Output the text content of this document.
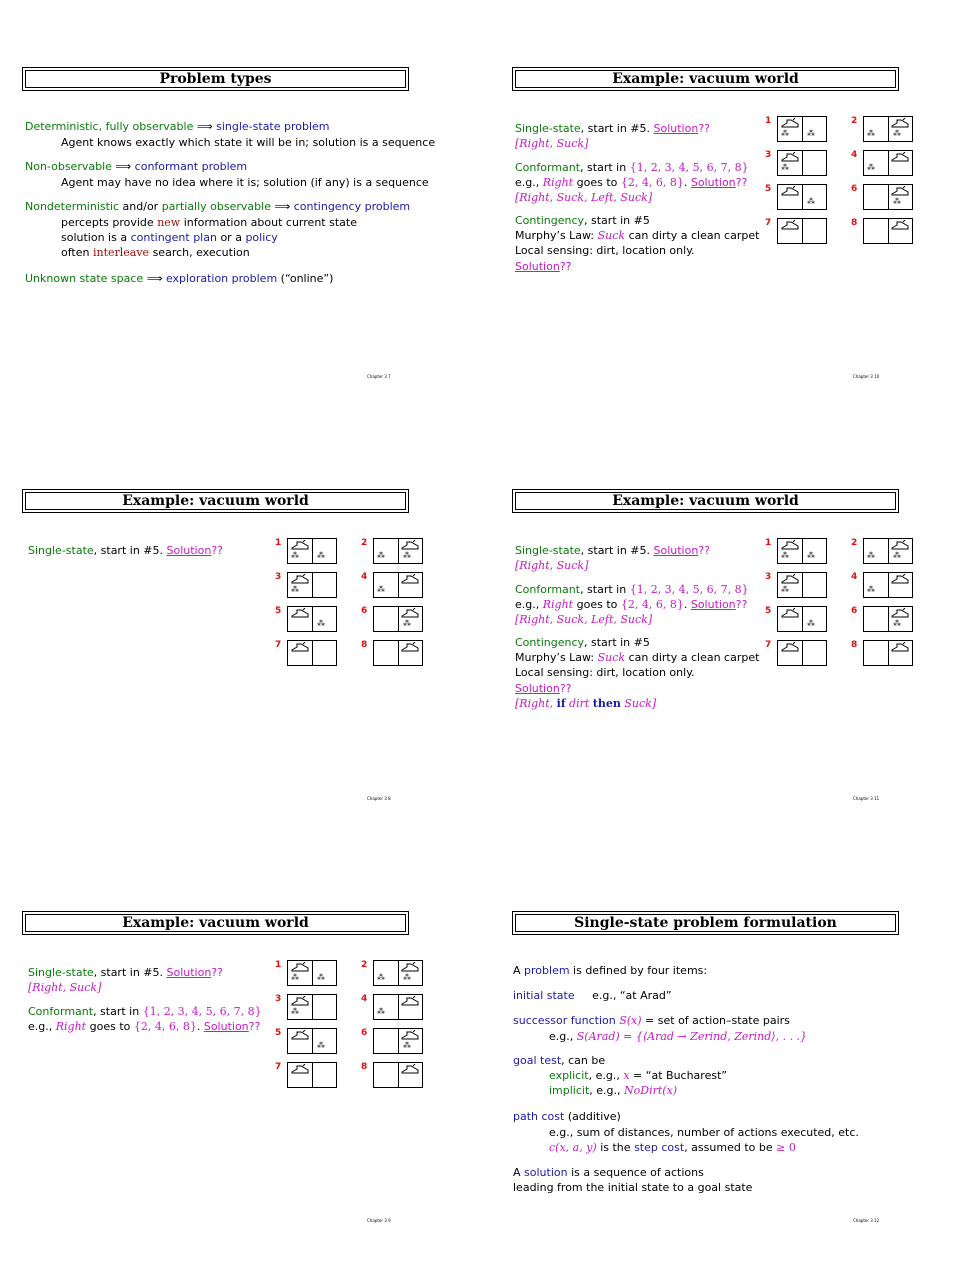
Problem types
Deterministic, fully observable ⟹ single-state problem
Agent knows exactly which state it will be in; solution is a sequence
Non-observable ⟹ conformant problem
Agent may have no idea where it is; solution (if any) is a sequence
Nondeterministic and/or partially observable ⟹ contingency problem
percepts provide new information about current state
solution is a contingent plan or a policy
often interleave search, execution
Unknown state space ⟹ exploration problem (“online”)
Chapter 3 7
Example: vacuum world
Single-state, start in #5. Solution??
[Right, Suck]
Conformant, start in {1, 2, 3, 4, 5, 6, 7, 8}
e.g., Right goes to {2, 4, 6, 8}. Solution??
[Right, Suck, Left, Suck]
Contingency, start in #5
Murphy’s Law: Suck can dirty a clean carpet
Local sensing: dirt, location only.
Solution??
1
⁂ ⁂
2
⁂ ⁂
3
⁂
4
⁂
5
⁂
6
⁂
7	8
Chapter 3 10
Example: vacuum world
Single-state, start in #5. Solution??
1
⁂ ⁂
2
⁂ ⁂
3
⁂
4
⁂
5
⁂
6
⁂
7	8
Chapter 3 8
Example: vacuum world
Single-state, start in #5. Solution??
[Right, Suck]
Conformant, start in {1, 2, 3, 4, 5, 6, 7, 8}
e.g., Right goes to {2, 4, 6, 8}. Solution??
[Right, Suck, Left, Suck]
Contingency, start in #5
Murphy’s Law: Suck can dirty a clean carpet
Local sensing: dirt, location only.
Solution??
[Right, if dirt then Suck]
1
⁂ ⁂
2
⁂ ⁂
3
⁂
4
⁂
5
⁂
6
⁂
7	8
Chapter 3 11
Example: vacuum world
Single-state, start in #5. Solution??
[Right, Suck]
Conformant, start in {1, 2, 3, 4, 5, 6, 7, 8}
e.g., Right goes to {2, 4, 6, 8}. Solution??
1
⁂ ⁂
2
⁂ ⁂
3
⁂
4
⁂
5
⁂
6
⁂
7	8
Chapter 3 9
Single-state problem formulation
A problem is defined by four items:
initial state     e.g., “at Arad”
successor function S(x) = set of action–state pairs
e.g., S(Arad) = {⟨Arad → Zerind, Zerind⟩, . . .}
goal test, can be
explicit, e.g., x = “at Bucharest”
implicit, e.g., NoDirt(x)
path cost (additive)
e.g., sum of distances, number of actions executed, etc.
c(x, a, y) is the step cost, assumed to be ≥ 0
A solution is a sequence of actions
leading from the initial state to a goal state
Chapter 3 12
